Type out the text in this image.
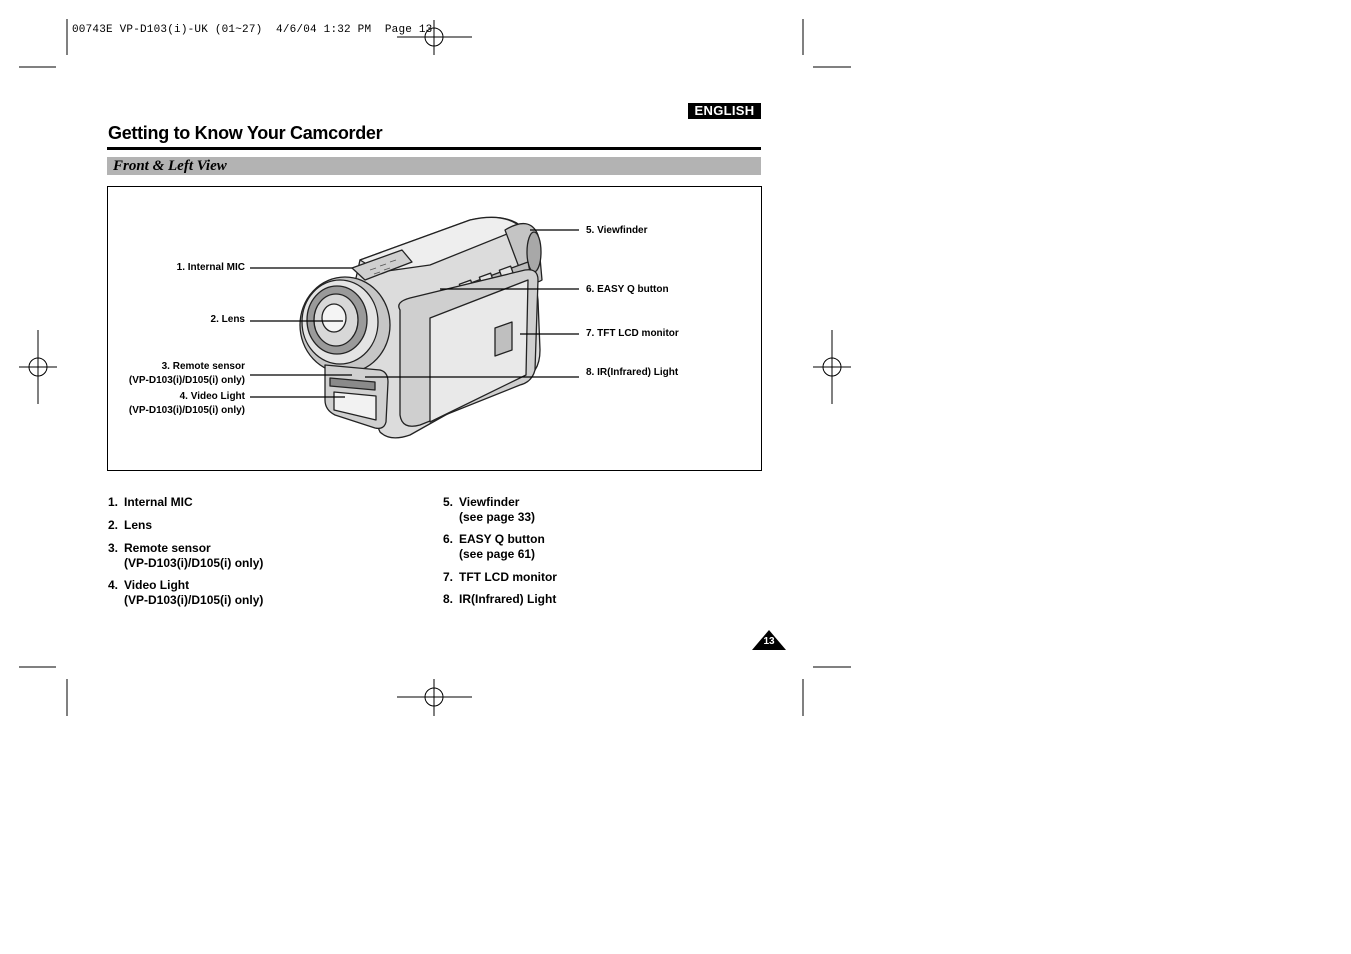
00743E VP-D103(i)-UK (01~27)  4/6/04 1:32 PM  Page 13
ENGLISH
Getting to Know Your Camcorder
Front & Left View
1. Internal MIC
2. Lens
3. Remote sensor
(VP-D103(i)/D105(i) only)
4. Video Light
(VP-D103(i)/D105(i) only)
5. Viewfinder
6. EASY Q button
7. TFT LCD monitor
8. IR(Infrared) Light
1. Internal MIC
2. Lens
3. Remote sensor
(VP-D103(i)/D105(i) only)
4. Video Light
(VP-D103(i)/D105(i) only)
5. Viewfinder
(see page 33)
6. EASY Q button
(see page 61)
7. TFT LCD monitor
8. IR(Infrared) Light
13
